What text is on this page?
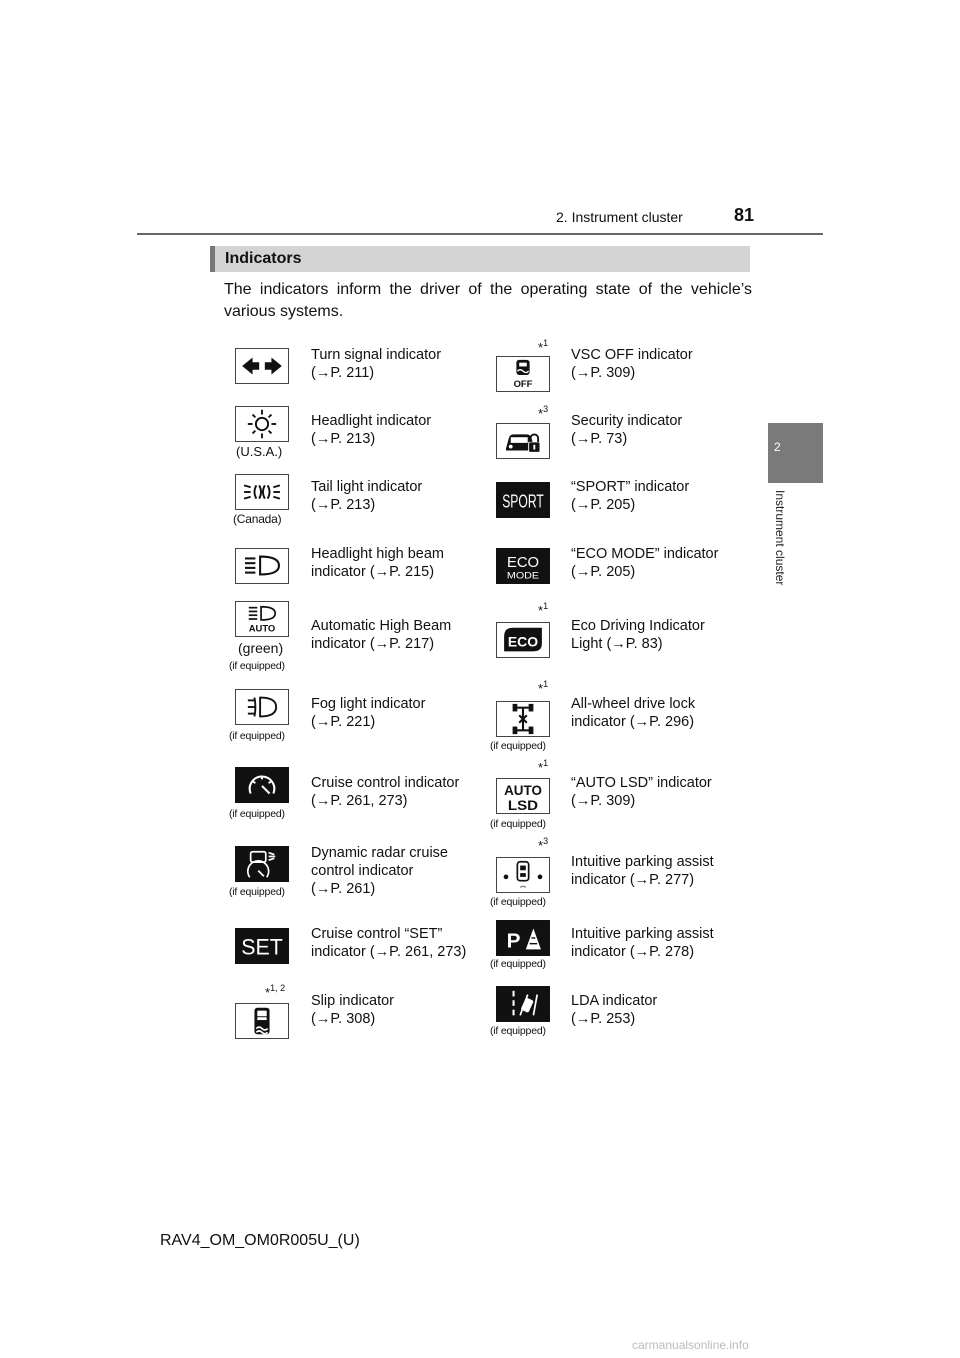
2. Instrument cluster	81
2
Instrument cluster
Indicators
The indicators inform the driver of the operating state of the vehicle’s various systems.
Turn signal indicator
(→P. 211)
(U.S.A.)
Headlight indicator
(→P. 213)
(Canada)
Tail light indicator
(→P. 213)
Headlight high beam
indicator (→P. 215)
AUTO
(green)
(if equipped)
Automatic High Beam
indicator (→P. 217)
(if equipped)
Fog light indicator
(→P. 221)
(if equipped)
Cruise control indicator
(→P. 261, 273)
(if equipped)
Dynamic radar cruise
control indicator
(→P. 261)
SET
Cruise control “SET”
indicator (→P. 261, 273)
$*_{1, 2}$
Slip indicator
(→P. 308)
$*_1$
OFF
VSC OFF indicator
(→P. 309)
$*_3$
Security indicator
(→P. 73)
SPORT
“SPORT” indicator
(→P. 205)
ECO
MODE
“ECO MODE” indicator
(→P. 205)
$*_1$
ECO
Eco Driving Indicator
Light (→P. 83)
$*_1$
(if equipped)
All-wheel drive lock
indicator (→P. 296)
$*_1$
AUTO
LSD
(if equipped)
“AUTO LSD” indicator
(→P. 309)
$*_3$
(if equipped)
Intuitive parking assist
indicator (→P. 277)
P
(if equipped)
Intuitive parking assist
indicator (→P. 278)
(if equipped)
LDA indicator
(→P. 253)
RAV4_OM_OM0R005U_(U)
carmanualsonline.info
